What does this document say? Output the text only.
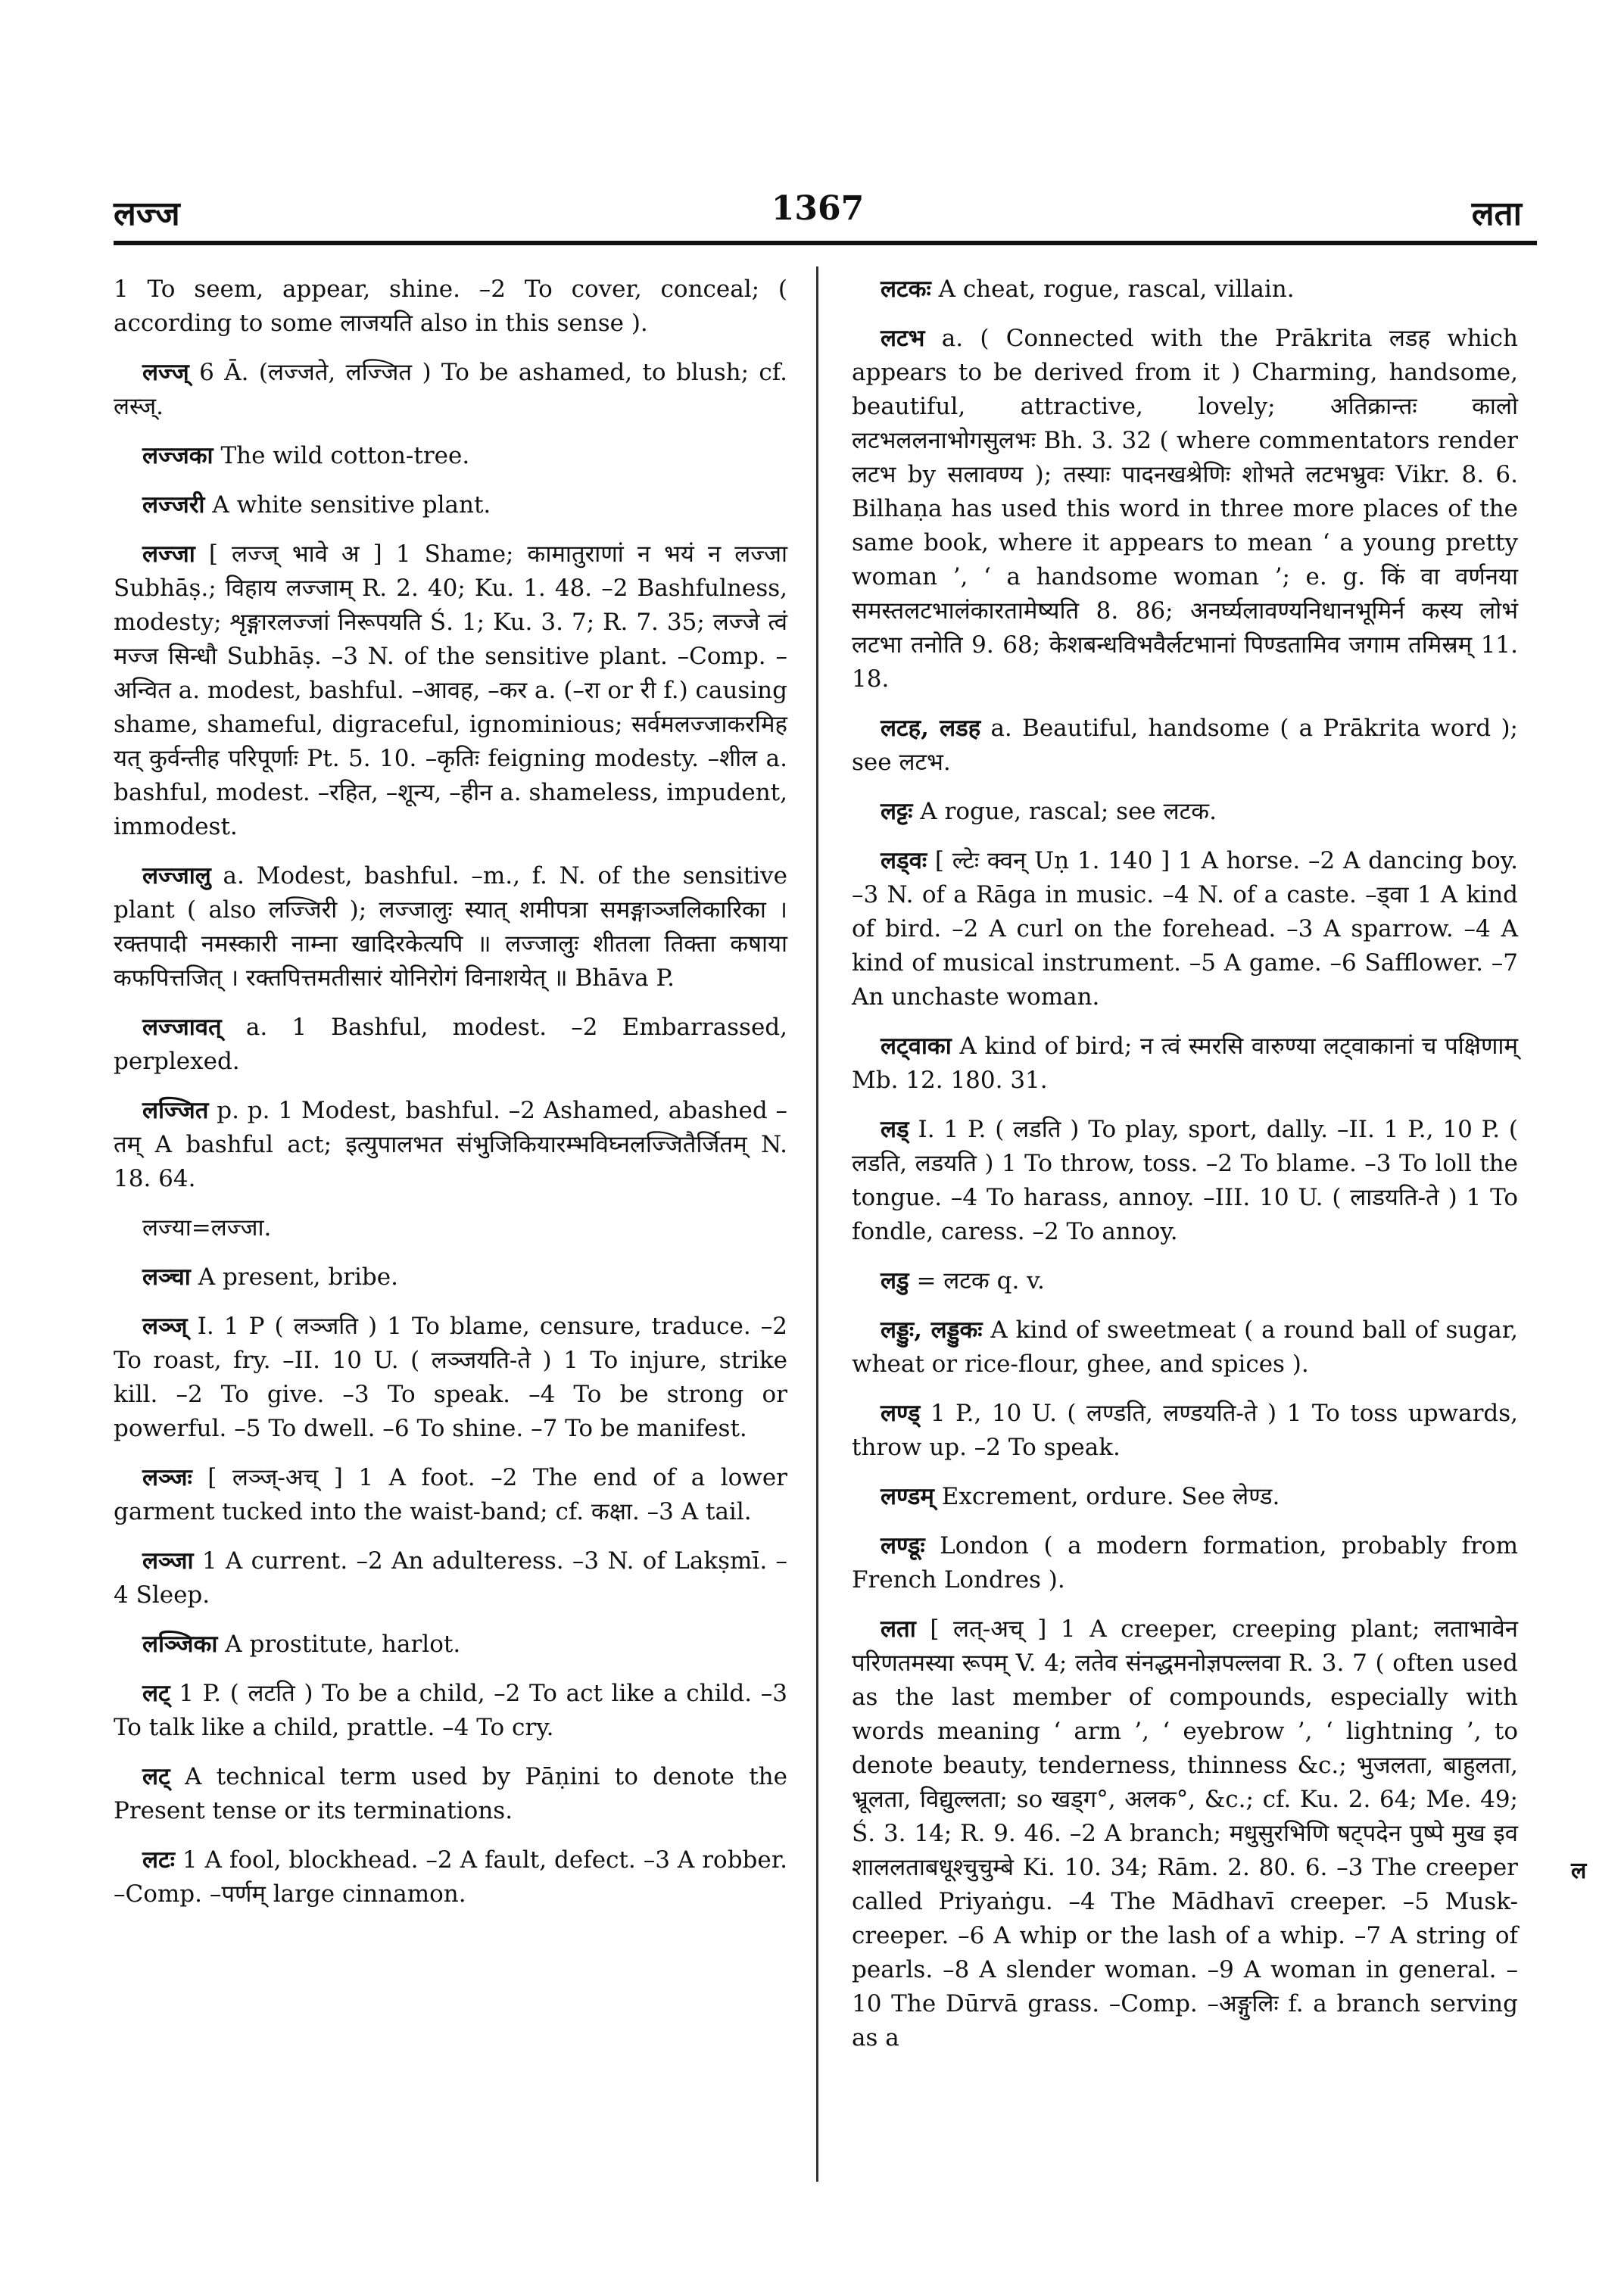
लज्ज	1367	लता

1 To seem, appear, shine. –2 To cover, conceal; ( according to some लाजयति also in this sense ).

लज्ज् 6 Ā. (लज्जते, लज्जित ) To be ashamed, to blush; cf. लस्ज्.

लज्जका The wild cotton-tree.

लज्जरी A white sensitive plant.

लज्जा [ लज्ज् भावे अ ] 1 Shame; कामातुराणां न भयं न लज्जा Subhāṣ.; विहाय लज्जाम् R. 2. 40; Ku. 1. 48. –2 Bashfulness, modesty; शृङ्गारलज्जां निरूपयति Ś. 1; Ku. 3. 7; R. 7. 35; लज्जे त्वं मज्ज सिन्धौ Subhāṣ. –3 N. of the sensitive plant. –Comp. –अन्वित a. modest, bashful. –आवह, –कर a. (–रा or री f.) causing shame, shameful, digraceful, ignominious; सर्वमलज्जाकरमिह यत् कुर्वन्तीह परिपूर्णाः Pt. 5. 10. –कृतिः feigning modesty. –शील a. bashful, modest. –रहित, –शून्य, –हीन a. shameless, impudent, immodest.

लज्जालु a. Modest, bashful. –m., f. N. of the sensitive plant ( also लज्जिरी ); लज्जालुः स्यात् शमीपत्रा समङ्गाञ्जलिकारिका । रक्तपादी नमस्कारी नाम्ना खादिरकेत्यपि ॥ लज्जालुः शीतला तिक्ता कषाया कफपित्तजित् । रक्तपित्तमतीसारं योनिरोगं विनाशयेत् ॥ Bhāva P.

लज्जावत् a. 1 Bashful, modest. –2 Embarrassed, perplexed.

लज्जित p. p. 1 Modest, bashful. –2 Ashamed, abashed –तम् A bashful act; इत्युपालभत संभुजिकियारम्भविघ्नलज्जितैर्जितम् N. 18. 64.

लज्या=लज्जा.

लञ्चा A present, bribe.

लञ्ज् I. 1 P ( लञ्जति ) 1 To blame, censure, traduce. –2 To roast, fry. –II. 10 U. ( लञ्जयति-ते ) 1 To injure, strike kill. –2 To give. –3 To speak. –4 To be strong or powerful. –5 To dwell. –6 To shine. –7 To be manifest.

लञ्जः [ लञ्ज्-अच् ] 1 A foot. –2 The end of a lower garment tucked into the waist-band; cf. कक्षा. –3 A tail.

लञ्जा 1 A current. –2 An adulteress. –3 N. of Lakṣmī. –4 Sleep.

लञ्जिका A prostitute, harlot.

लट् 1 P. ( लटति ) To be a child, –2 To act like a child. –3 To talk like a child, prattle. –4 To cry.

लट् A technical term used by Pāṇini to denote the Present tense or its terminations.

लटः 1 A fool, blockhead. –2 A fault, defect. –3 A robber. –Comp. –पर्णम् large cinnamon.

लटकः A cheat, rogue, rascal, villain.

लटभ a. ( Connected with the Prākrita लडह which appears to be derived from it ) Charming, handsome, beautiful, attractive, lovely; अतिक्रान्तः कालो लटभललनाभोगसुलभः Bh. 3. 32 ( where commentators render लटभ by सलावण्य ); तस्याः पादनखश्रेणिः शोभते लटभभ्रुवः Vikr. 8. 6. Bilhaṇa has used this word in three more places of the same book, where it appears to mean ‘ a young pretty woman ’, ‘ a handsome woman ’; e. g. किं वा वर्णनया समस्तलटभालंकारतामेष्यति 8. 86; अनर्घ्यलावण्यनिधानभूमिर्न कस्य लोभं लटभा तनोति 9. 68; केशबन्धविभवैर्लटभानां पिण्डतामिव जगाम तमिस्रम् 11. 18.

लटह, लडह a. Beautiful, handsome ( a Prākrita word ); see लटभ.

लट्टः A rogue, rascal; see लटक.

लड्वः [ ल्टेः क्वन् Uṇ 1. 140 ] 1 A horse. –2 A dancing boy. –3 N. of a Rāga in music. –4 N. of a caste. –ड्वा 1 A kind of bird. –2 A curl on the forehead. –3 A sparrow. –4 A kind of musical instrument. –5 A game. –6 Safflower. –7 An unchaste woman.

लट्वाका A kind of bird; न त्वं स्मरसि वारुण्या लट्वाकानां च पक्षिणाम् Mb. 12. 180. 31.

लड् I. 1 P. ( लडति ) To play, sport, dally. –II. 1 P., 10 P. ( लडति, लडयति ) 1 To throw, toss. –2 To blame. –3 To loll the tongue. –4 To harass, annoy. –III. 10 U. ( लाडयति-ते ) 1 To fondle, caress. –2 To annoy.

लडु = लटक q. v.

लड्डुः, लड्डुकः A kind of sweetmeat ( a round ball of sugar, wheat or rice-flour, ghee, and spices ).

लण्ड् 1 P., 10 U. ( लण्डति, लण्डयति-ते ) 1 To toss upwards, throw up. –2 To speak.

लण्डम् Excrement, ordure. See लेण्ड.

लण्डूः London ( a modern formation, probably from French Londres ).

लता [ लत्-अच् ] 1 A creeper, creeping plant; लताभावेन परिणतमस्या रूपम् V. 4; लतेव संनद्धमनोज्ञपल्लवा R. 3. 7 ( often used as the last member of compounds, especially with words meaning ‘ arm ’, ‘ eyebrow ’, ‘ lightning ’, to denote beauty, tenderness, thinness &c.; भुजलता, बाहुलता, भ्रूलता, विद्युल्लता; so खड्ग°, अलक°, &c.; cf. Ku. 2. 64; Me. 49; Ś. 3. 14; R. 9. 46. –2 A branch; मधुसुरभिणि षट्पदेन पुष्पे मुख इव शाललताबधूश्चुचुम्बे Ki. 10. 34; Rām. 2. 80. 6. –3 The creeper called Priyaṅgu. –4 The Mādhavī creeper. –5 Musk-creeper. –6 A whip or the lash of a whip. –7 A string of pearls. –8 A slender woman. –9 A woman in general. –10 The Dūrvā grass. –Comp. –अङ्गुलिः f. a branch serving as a

ल
